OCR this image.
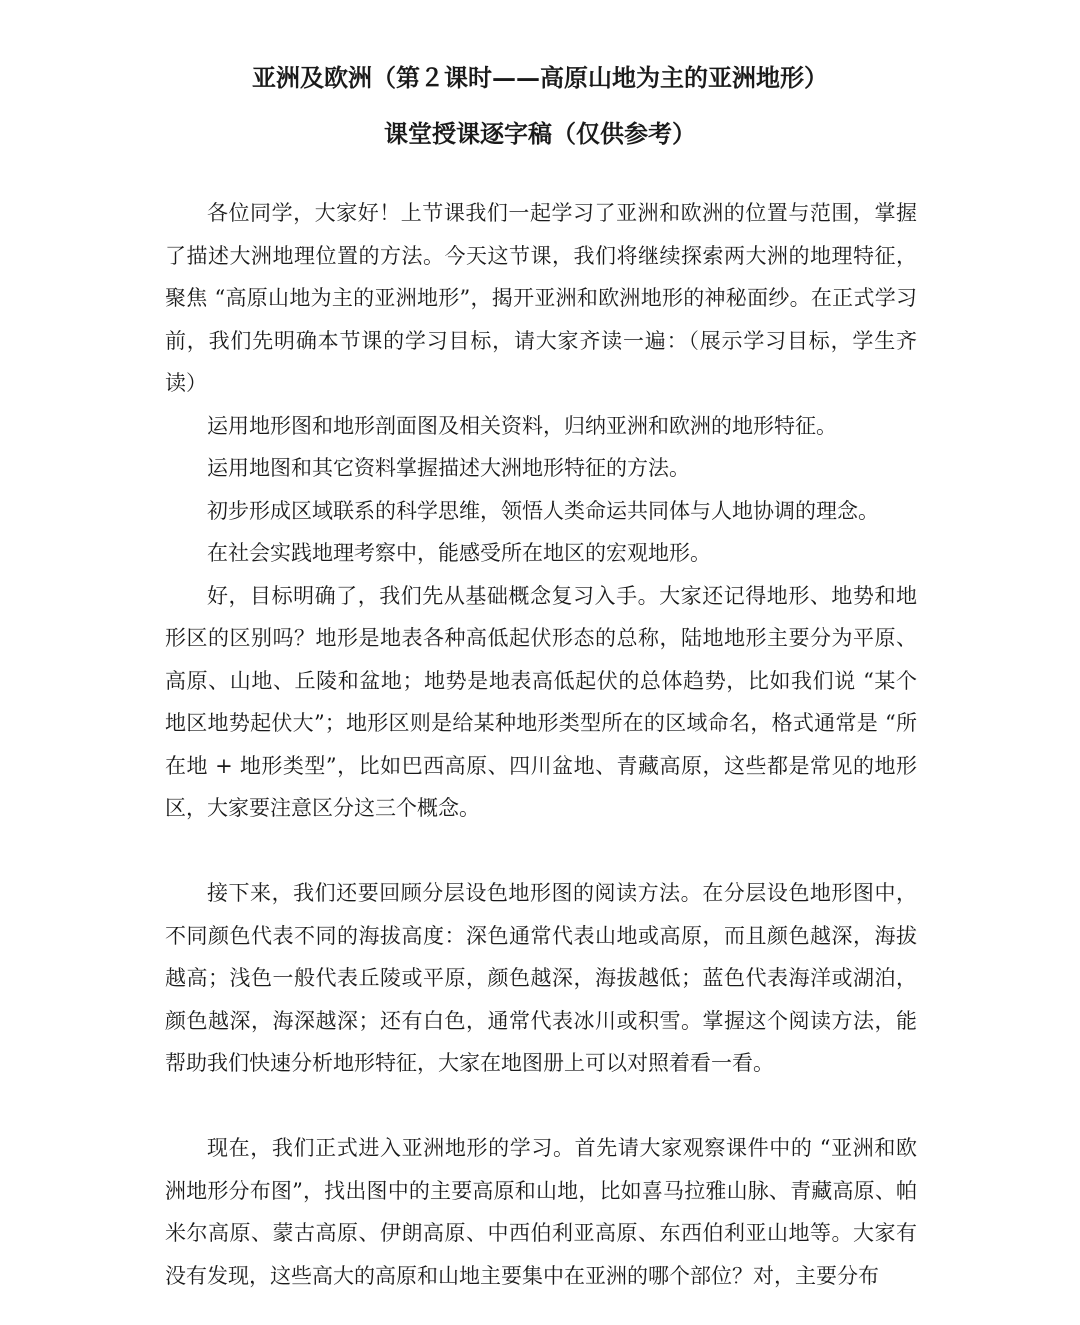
亚洲及欧洲（第２课时——高原山地为主的亚洲地形）
课堂授课逐字稿（仅供参考）

各位同学，大家好！上节课我们一起学习了亚洲和欧洲的位置与范围，掌握了描述大洲地理位置的方法。今天这节课，我们将继续探索两大洲的地理特征，聚焦 “高原山地为主的亚洲地形”，揭开亚洲和欧洲地形的神秘面纱。在正式学习前，我们先明确本节课的学习目标，请大家齐读一遍：（展示学习目标，学生齐读）

运用地形图和地形剖面图及相关资料，归纳亚洲和欧洲的地形特征。

运用地图和其它资料掌握描述大洲地形特征的方法。

初步形成区域联系的科学思维，领悟人类命运共同体与人地协调的理念。

在社会实践地理考察中，能感受所在地区的宏观地形。

好，目标明确了，我们先从基础概念复习入手。大家还记得地形、地势和地形区的区别吗？地形是地表各种高低起伏形态的总称，陆地地形主要分为平原、高原、山地、丘陵和盆地；地势是地表高低起伏的总体趋势，比如我们说 “某个地区地势起伏大”；地形区则是给某种地形类型所在的区域命名，格式通常是 “所在地 + 地形类型”，比如巴西高原、四川盆地、青藏高原，这些都是常见的地形区，大家要注意区分这三个概念。

接下来，我们还要回顾分层设色地形图的阅读方法。在分层设色地形图中，不同颜色代表不同的海拔高度：深色通常代表山地或高原，而且颜色越深，海拔越高；浅色一般代表丘陵或平原，颜色越深，海拔越低；蓝色代表海洋或湖泊，颜色越深，海深越深；还有白色，通常代表冰川或积雪。掌握这个阅读方法，能帮助我们快速分析地形特征，大家在地图册上可以对照着看一看。

现在，我们正式进入亚洲地形的学习。首先请大家观察课件中的 “亚洲和欧洲地形分布图”，找出图中的主要高原和山地，比如喜马拉雅山脉、青藏高原、帕米尔高原、蒙古高原、伊朗高原、中西伯利亚高原、东西伯利亚山地等。大家有没有发现，这些高大的高原和山地主要集中在亚洲的哪个部位？对，主要分布
